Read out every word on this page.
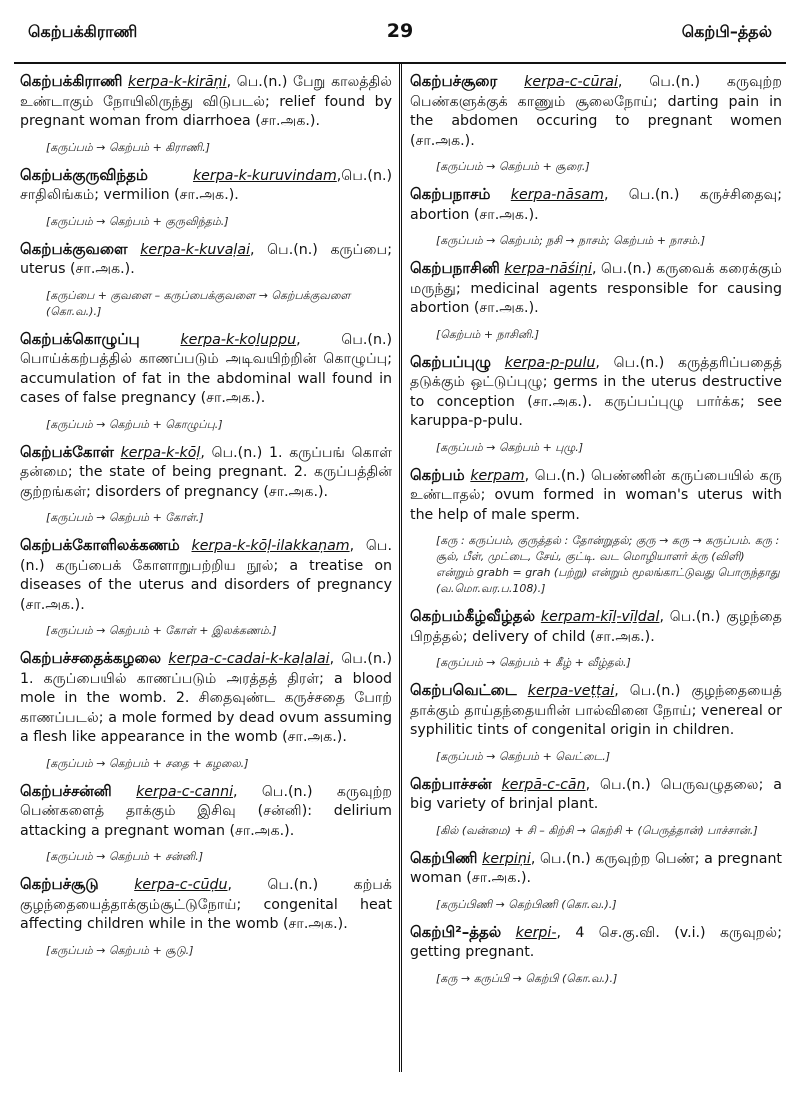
கெற்பக்கிராணி	29	கெற்பி–த்தல்

கெற்பக்கிராணி kerpa-k-kirāṇi, பெ.(n.) பேறு காலத்தில் உண்டாகும் நோயிலிருந்து விடுபடல்; relief found by pregnant woman from diarrhoea (சா.அக.).

[கருப்பம் → கெற்பம் + கிராணி.]

கெற்பக்குருவிந்தம்	kerpa-k-kuruvindam,பெ.(n.) சாதிலிங்கம்; vermilion (சா.அக.).

[கருப்பம் → கெற்பம் + குருவிந்தம்.]

கெற்பக்குவளை kerpa-k-kuvaḷai, பெ.(n.) கருப்பை; uterus (சா.அக.).

[கருப்பை + குவளை – கருப்பைக்குவளை → கெற்பக்குவளை (கொ.வ.).]

கெற்பக்கொழுப்பு	kerpa-k-koḻuppu, பெ.(n.) பொய்க்கற்பத்தில் காணப்படும் அடிவயிற்றின் கொழுப்பு; accumulation of fat in the abdominal wall found in cases of false pregnancy (சா.அக.).

[கருப்பம் → கெற்பம் + கொழுப்பு.]

கெற்பக்கோள் kerpa-k-kōḷ, பெ.(n.) 1. கருப்பங் கொள் தன்மை; the state of being pregnant. 2. கருப்பத்தின் குற்றங்கள்; disorders of pregnancy (சா.அக.).

[கருப்பம் → கெற்பம் + கோள்.]

கெற்பக்கோளிலக்கணம் kerpa-k-kōḷ-ilakkaṇam, பெ.(n.) கருப்பைக் கோளாறுபற்றிய நூல்; a treatise on diseases of the uterus and disorders of pregnancy (சா.அக.).

[கருப்பம் → கெற்பம் + கோள் + இலக்கணம்.]

கெற்பச்சதைக்கழலை kerpa-c-cadai-k-kaḻalai, பெ.(n.) 1. கருப்பையில் காணப்படும் அரத்தத் திரள்; a blood mole in the womb. 2. சிதைவுண்ட கருச்சதை போற் காணப்படல்; a mole formed by dead ovum assuming a flesh like appearance in the womb (சா.அக.).

[கருப்பம் → கெற்பம் + சதை + கழலை.]

கெற்பச்சன்னி kerpa-c-canni, பெ.(n.) கருவுற்ற பெண்களைத் தாக்கும் இசிவு (சன்னி): delirium attacking a pregnant woman (சா.அக.).

[கருப்பம் → கெற்பம் + சன்னி.]

கெற்பச்சூடு kerpa-c-cūḍu, பெ.(n.) கற்பக் குழந்தையைத்தாக்கும்சூட்டுநோய்; congenital heat affecting children while in the womb (சா.அக.).

[கருப்பம் → கெற்பம் + சூடு.]

கெற்பச்சூரை kerpa-c-cūrai, பெ.(n.) கருவுற்ற பெண்களுக்குக் காணும் சூலைநோய்; darting pain in the abdomen occuring to pregnant women (சா.அக.).

[கருப்பம் → கெற்பம் + சூரை.]

கெற்பநாசம் kerpa-nāsam, பெ.(n.) கருச்சிதைவு; abortion (சா.அக.).

[கருப்பம் → கெற்பம்; நசி → நாசம்; கெற்பம் + நாசம்.]

கெற்பநாசினி kerpa-nāśiṇi, பெ.(n.) கருவைக் கரைக்கும் மருந்து; medicinal agents responsible for causing abortion (சா.அக.).

[கெற்பம் + நாசினி.]

கெற்பப்புழு kerpa-p-pulu, பெ.(n.) கருத்தரிப்பதைத் தடுக்கும் ஒட்டுப்புழு; germs in the uterus destructive to conception (சா.அக.). கருப்பப்புழு பார்க்க; see karuppa-p-pulu.

[கருப்பம் → கெற்பம் + புழு.]

கெற்பம் kerpam, பெ.(n.) பெண்ணின் கருப்பையில் கரு உண்டாதல்; ovum formed in woman's uterus with the help of male sperm.

[கரு : கருப்பம், குருத்தல் : தோன்றுதல்; குரு → கரு → கருப்பம். கரு : சூல், பீள், முட்டை, சேய், குட்டி. வட மொழியாளர் க்ரு (விளி) என்றும் grabh = grah (பற்று) என்றும் மூலங்காட்டுவது பொருந்தாது (வ.மொ.வர.ப.108).]

கெற்பம்கீழ்வீழ்தல் kerpam-kīḻ-vīḻdal, பெ.(n.) குழந்தை பிறத்தல்; delivery of child (சா.அக.).

[கருப்பம் → கெற்பம் + கீழ் + வீழ்தல்.]

கெற்பவெட்டை kerpa-veṭṭai, பெ.(n.) குழந்தையைத் தாக்கும் தாய்தந்தையரின் பால்வினை நோய்; venereal or syphilitic tints of congenital origin in children.

[கருப்பம் → கெற்பம் + வெட்டை.]

கெற்பாச்சன் kerpā-c-cān, பெ.(n.) பெருவழுதலை; a big variety of brinjal plant.

[கில் (வன்மை) + சி – கிற்சி → கெற்சி + (பெருத்தான்) பாச்சான்.]

கெற்பிணி kerpiṇi, பெ.(n.) கருவுற்ற பெண்; a pregnant woman (சா.அக.).

[கருப்பிணி → கெற்பிணி (கொ.வ.).]

கெற்பி²–த்தல் kerpi-, 4 செ.கு.வி. (v.i.) கருவுறல்; getting pregnant.

[கரு → கருப்பி → கெற்பி (கொ.வ.).]
